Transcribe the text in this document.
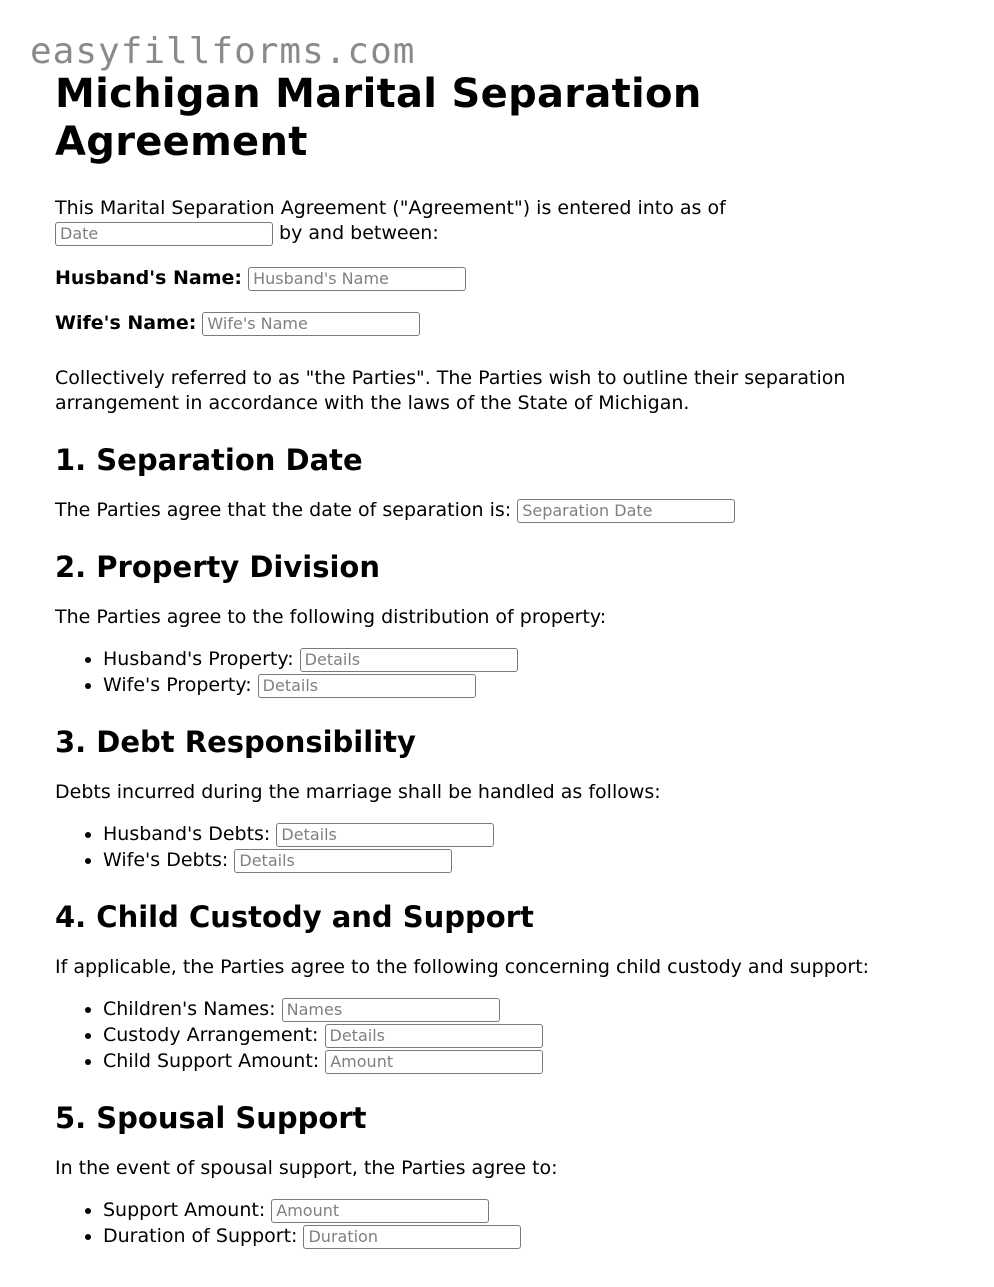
easyfillforms.com
Michigan Marital Separation Agreement

This Marital Separation Agreement ("Agreement") is entered into as of
Date by and between:

Husband's Name: Husband's Name

Wife's Name: Wife's Name

Collectively referred to as "the Parties". The Parties wish to outline their separation arrangement in accordance with the laws of the State of Michigan.

1. Separation Date

The Parties agree that the date of separation is: Separation Date

2. Property Division

The Parties agree to the following distribution of property:

• Husband's Property: Details
• Wife's Property: Details
3. Debt Responsibility

Debts incurred during the marriage shall be handled as follows:

• Husband's Debts: Details
• Wife's Debts: Details
4. Child Custody and Support

If applicable, the Parties agree to the following concerning child custody and support:

• Children's Names: Names
• Custody Arrangement: Details
• Child Support Amount: Amount
5. Spousal Support

In the event of spousal support, the Parties agree to:

• Support Amount: Amount
• Duration of Support: Duration
